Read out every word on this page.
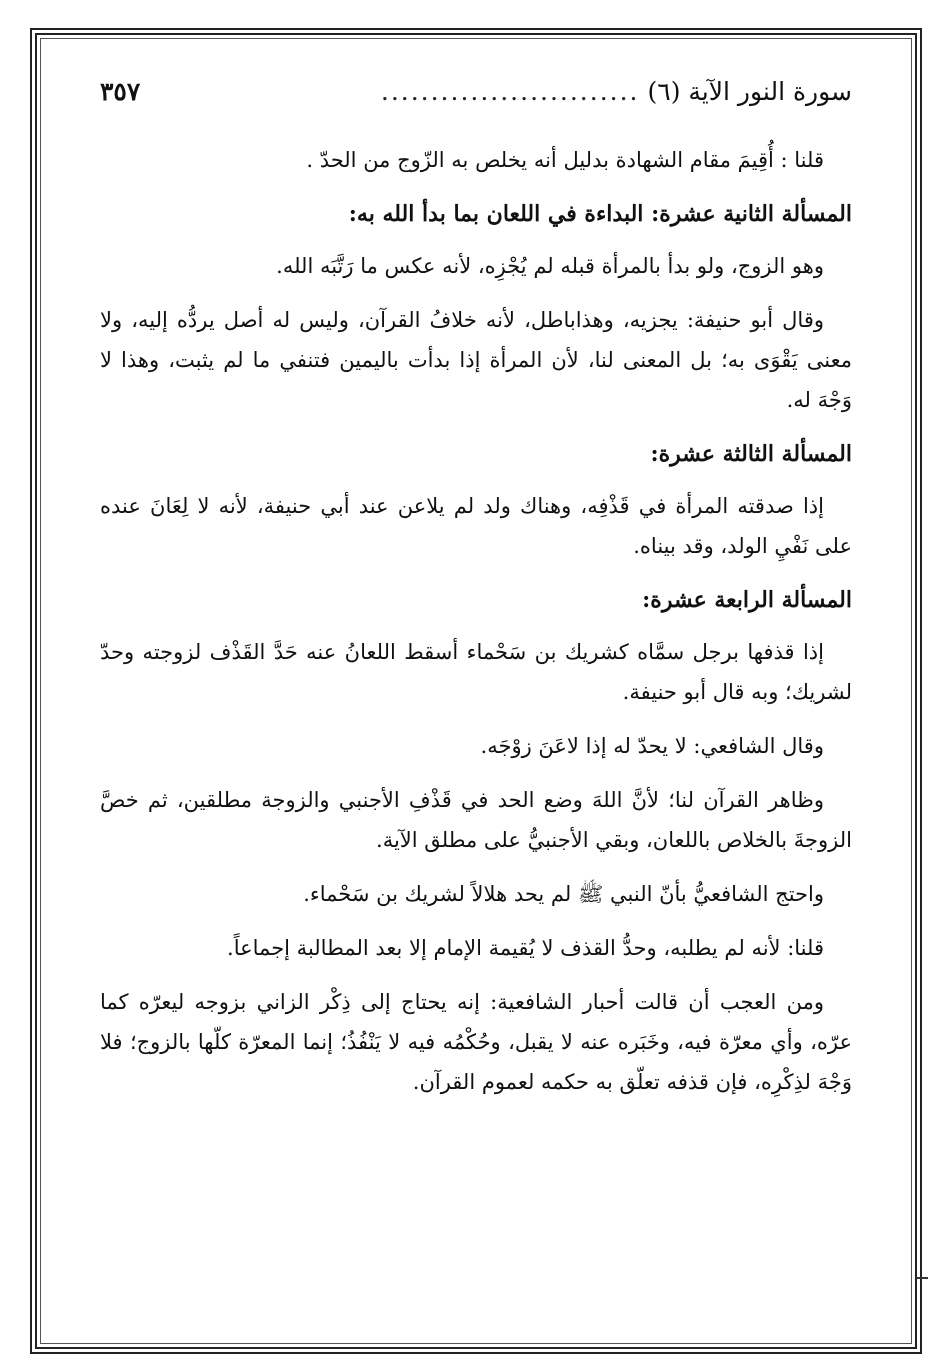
سورة النور الآية (٦)
..........................
٣٥٧
قلنا : أُقِيمَ مقام الشهادة بدليل أنه يخلص به الزّوج من الحدّ .
المسألة الثانية عشرة: البداءة في اللعان بما بدأ الله به:
وهو الزوج، ولو بدأ بالمرأة قبله لم يُجْزِه، لأنه عكس ما رَتَّبَه الله.
وقال أبو حنيفة: يجزيه، وهذاباطل، لأنه خلافُ القرآن، وليس له أصل يردُّه إليه، ولا معنى يَقْوَى به؛ بل المعنى لنا، لأن المرأة إذا بدأت باليمين فتنفي ما لم يثبت، وهذا لا وَجْهَ له.
المسألة الثالثة عشرة:
إذا صدقته المرأة في قَذْفِه، وهناك ولد لم يلاعن عند أبي حنيفة، لأنه لا لِعَانَ عنده على نَفْيِ الولد، وقد بيناه.
المسألة الرابعة عشرة:
إذا قذفها برجل سمَّاه كشريك بن سَحْماء أسقط اللعانُ عنه حَدَّ القَذْف لزوجته وحدّ لشريك؛ وبه قال أبو حنيفة.
وقال الشافعي: لا يحدّ له إذا لاعَنَ زوْجَه.
وظاهر القرآن لنا؛ لأنَّ اللهَ وضع الحد في قَذْفِ الأجنبي والزوجة مطلقين، ثم خصَّ الزوجةَ بالخلاص باللعان، وبقي الأجنبيُّ على مطلق الآية.
واحتج الشافعيُّ بأنّ النبي ﷺ لم يحد هلالاً لشريك بن سَحْماء.
قلنا: لأنه لم يطلبه، وحدُّ القذف لا يُقيمة الإمام إلا بعد المطالبة إجماعاً.
ومن العجب أن قالت أحبار الشافعية: إنه يحتاج إلى ذِكْر الزاني بزوجه ليعرّه كما عرّه، وأي معرّة فيه، وخَبَره عنه لا يقبل، وحُكْمُه فيه لا يَنْفُذُ؛ إنما المعرّة كلّها بالزوج؛ فلا وَجْهَ لذِكْرِه، فإن قذفه تعلّق به حكمه لعموم القرآن.
